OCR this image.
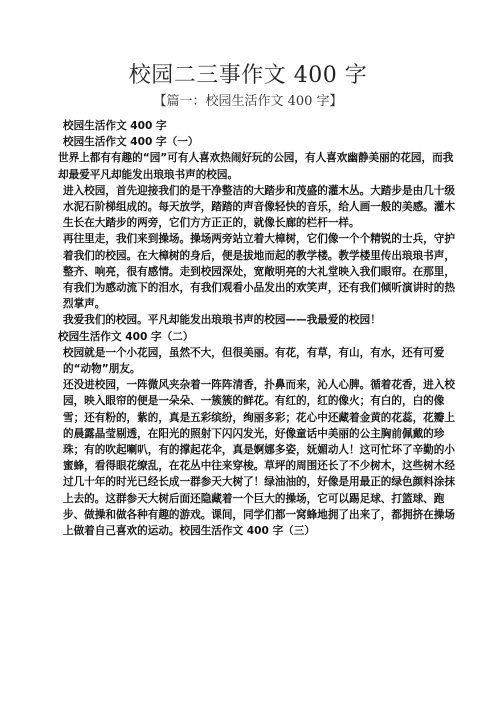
校园二三事作文 400 字
【篇一：校园生活作文 400 字】

校园生活作文 400 字

校园生活作文 400 字（一）

世界上都有有趣的“园”可有人喜欢热闹好玩的公园，有人喜欢幽静美丽的花园，而我却最爱平凡却能发出琅琅书声的校园。

进入校园，首先迎接我们的是干净整洁的大踏步和茂盛的灌木丛。大踏步是由几十级水泥石阶梯组成的。每天放学，踏踏的声音像轻快的音乐，给人画一般的美感。灌木生长在大踏步的两旁，它们方方正正的，就像长廊的栏杆一样。

再往里走，我们来到操场。操场两旁站立着大樟树，它们像一个个精锐的士兵，守护着我们的校园。在大樟树的身后，便是拔地而起的教学楼。教学楼里传出琅琅书声，整齐、响亮，很有感情。走到校园深处，宽敞明亮的大礼堂映入我们眼帘。在那里，有我们为感动流下的泪水，有我们观看小品发出的欢笑声，还有我们倾听演讲时的热烈掌声。

我爱我们的校园。平凡却能发出琅琅书声的校园——我最爱的校园！

校园生活作文 400 字（二）

校园就是一个小花园，虽然不大，但很美丽。有花，有草，有山，有水，还有可爱的“动物”朋友。

还没进校园，一阵微风夹杂着一阵阵清香，扑鼻而来，沁人心脾。循着花香，进入校园，映入眼帘的便是一朵朵、一簇簇的鲜花。有红的，红的像火；有白的，白的像雪；还有粉的，紫的，真是五彩缤纷，绚丽多彩；花心中还藏着金黄的花蕊，花瓣上的晨露晶莹剔透，在阳光的照射下闪闪发光，好像童话中美丽的公主胸前佩戴的珍珠；有的吹起喇叭，有的撑起花伞，真是婀娜多姿，妩媚动人！这可忙坏了辛勤的小蜜蜂，看得眼花缭乱，在花丛中往来穿梭。草坪的周围还长了不少树木，这些树木经过几十年的时光已经长成一群参天大树了！绿油油的，好像是用最正的绿色颜料涂抹上去的。这群参天大树后面还隐藏着一个巨大的操场，它可以踢足球、打篮球、跑步、做操和做各种有趣的游戏。课间，同学们都一窝蜂地拥了出来了，都拥挤在操场上做着自己喜欢的运动。校园生活作文 400 字（三）
